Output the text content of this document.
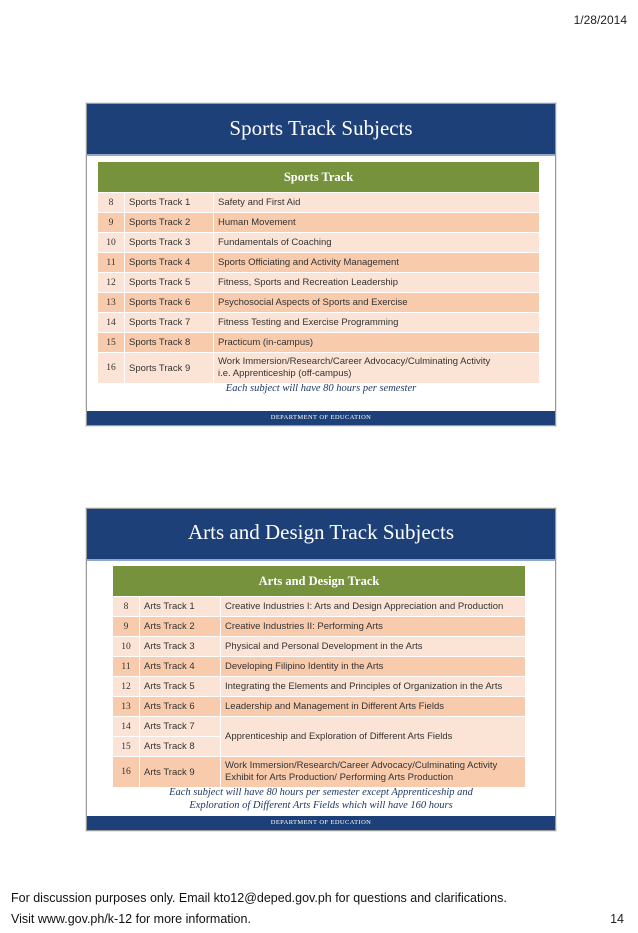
1/28/2014
Sports Track Subjects
Sports Track		
8	Sports Track 1	Safety and First Aid
9	Sports Track 2	Human Movement
10	Sports Track 3	Fundamentals of Coaching
11	Sports Track 4	Sports Officiating and Activity Management
12	Sports Track 5	Fitness, Sports and Recreation Leadership
13	Sports Track 6	Psychosocial Aspects of Sports and Exercise
14	Sports Track 7	Fitness Testing and Exercise Programming
15	Sports Track 8	Practicum (in-campus)
16	Sports Track 9	Work Immersion/Research/Career Advocacy/Culminating Activity
i.e. Apprenticeship (off-campus)
Each subject will have 80 hours per semester
DEPARTMENT OF EDUCATION
Arts and Design Track Subjects
Arts and Design Track		
8	Arts Track 1	Creative Industries I: Arts and Design Appreciation and Production
9	Arts Track 2	Creative Industries II: Performing Arts
10	Arts Track 3	Physical and Personal Development in the Arts
11	Arts Track 4	Developing Filipino Identity in the Arts
12	Arts Track 5	Integrating the Elements and Principles of Organization in the Arts
13	Arts Track 6	Leadership and Management in Different Arts Fields
14	Arts Track 7	Apprenticeship and Exploration of Different Arts Fields
15	Arts Track 8	
16	Arts Track 9	Work Immersion/Research/Career Advocacy/Culminating Activity
Exhibit for Arts Production/ Performing Arts Production
Each subject will have 80 hours per semester except Apprenticeship and
Exploration of Different Arts Fields which will have 160 hours
DEPARTMENT OF EDUCATION
For discussion purposes only. Email kto12@deped.gov.ph for questions and clarifications.
Visit www.gov.ph/k-12 for more information.	14
